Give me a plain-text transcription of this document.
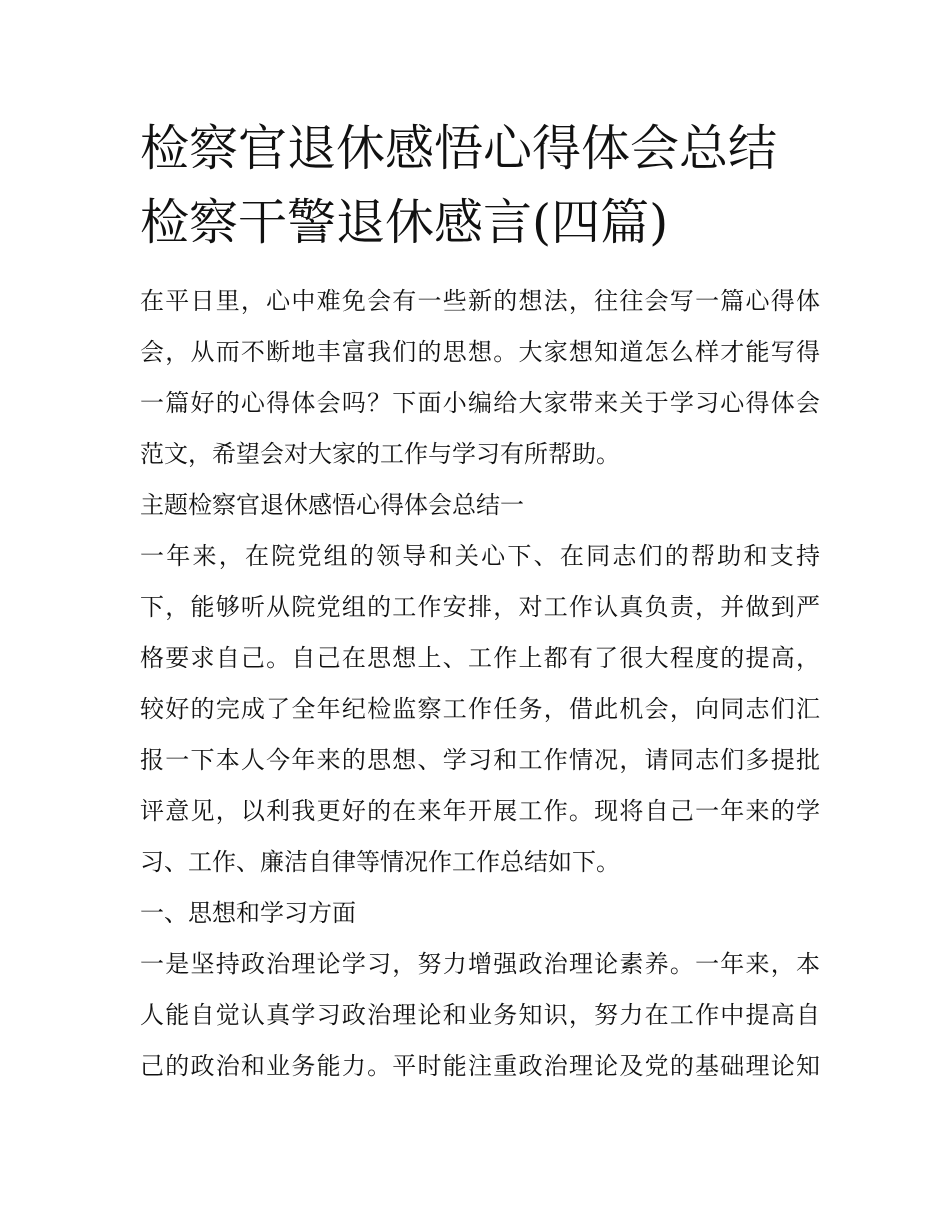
检察官退休感悟心得体会总结
检察干警退休感言(四篇)

在平日里，心中难免会有一些新的想法，往往会写一篇心得体

会，从而不断地丰富我们的思想。大家想知道怎么样才能写得

一篇好的心得体会吗？下面小编给大家带来关于学习心得体会

范文，希望会对大家的工作与学习有所帮助。

主题检察官退休感悟心得体会总结一

一年来，在院党组的领导和关心下、在同志们的帮助和支持

下，能够听从院党组的工作安排，对工作认真负责，并做到严

格要求自己。自己在思想上、工作上都有了很大程度的提高，

较好的完成了全年纪检监察工作任务，借此机会，向同志们汇

报一下本人今年来的思想、学习和工作情况，请同志们多提批

评意见，以利我更好的在来年开展工作。现将自己一年来的学

习、工作、廉洁自律等情况作工作总结如下。

一、思想和学习方面

一是坚持政治理论学习，努力增强政治理论素养。一年来，本

人能自觉认真学习政治理论和业务知识，努力在工作中提高自

己的政治和业务能力。平时能注重政治理论及党的基础理论知
